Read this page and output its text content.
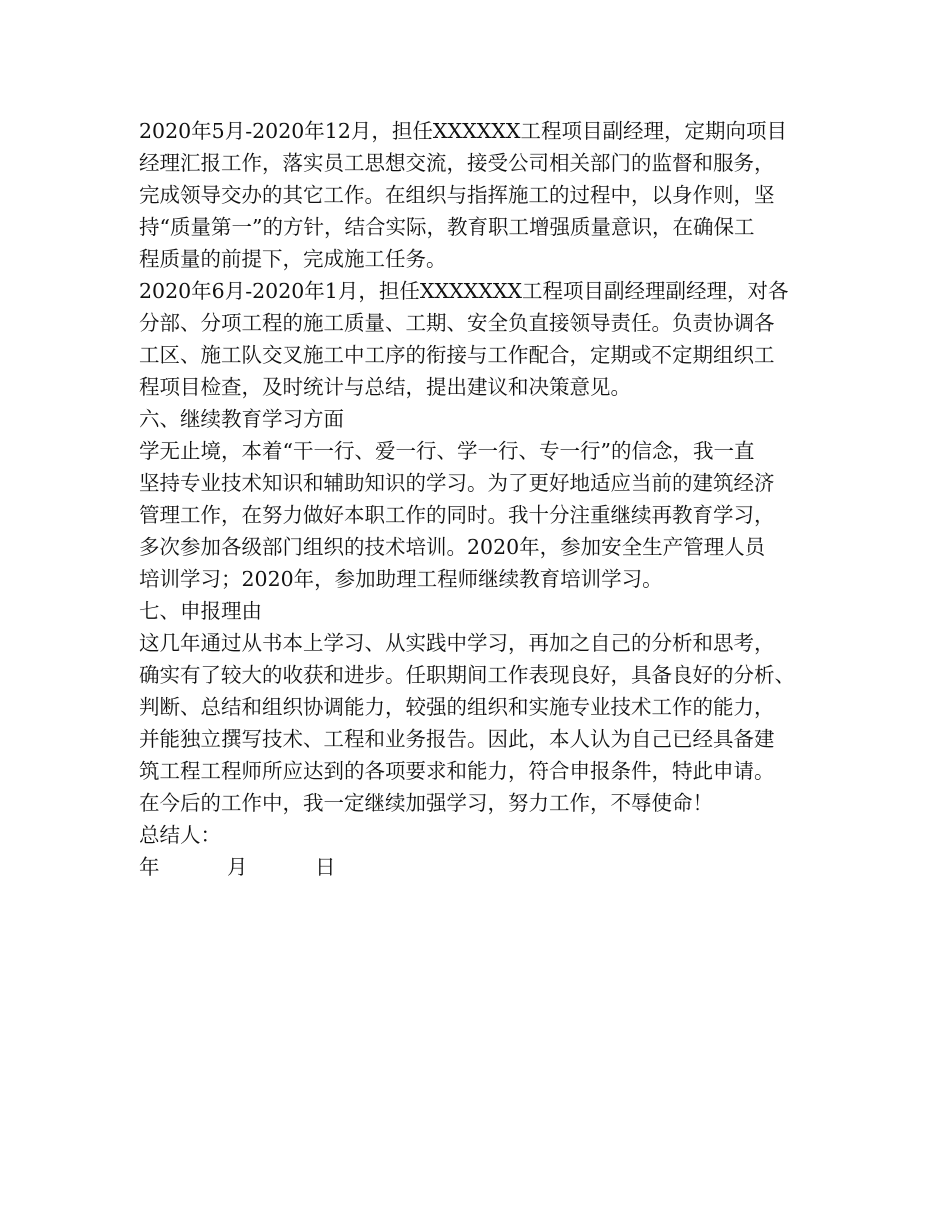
2020年5月-2020年12月，担任XXXXXX工程项目副经理，定期向项目
经理汇报工作，落实员工思想交流，接受公司相关部门的监督和服务，
完成领导交办的其它工作。在组织与指挥施工的过程中，以身作则，坚
持“质量第一”的方针，结合实际，教育职工增强质量意识，在确保工
程质量的前提下，完成施工任务。
2020年6月-2020年1月，担任XXXXXXX工程项目副经理副经理，对各
分部、分项工程的施工质量、工期、安全负直接领导责任。负责协调各
工区、施工队交叉施工中工序的衔接与工作配合，定期或不定期组织工
程项目检查，及时统计与总结，提出建议和决策意见。
六、继续教育学习方面
学无止境，本着“干一行、爱一行、学一行、专一行”的信念，我一直
坚持专业技术知识和辅助知识的学习。为了更好地适应当前的建筑经济
管理工作，在努力做好本职工作的同时。我十分注重继续再教育学习，
多次参加各级部门组织的技术培训。2020年，参加安全生产管理人员
培训学习；2020年，参加助理工程师继续教育培训学习。
七、申报理由
这几年通过从书本上学习、从实践中学习，再加之自己的分析和思考，
确实有了较大的收获和进步。任职期间工作表现良好，具备良好的分析、
判断、总结和组织协调能力，较强的组织和实施专业技术工作的能力，
并能独立撰写技术、工程和业务报告。因此，本人认为自己已经具备建
筑工程工程师所应达到的各项要求和能力，符合申报条件，特此申请。
在今后的工作中，我一定继续加强学习，努力工作，不辱使命！
总结人：
年	月	日
